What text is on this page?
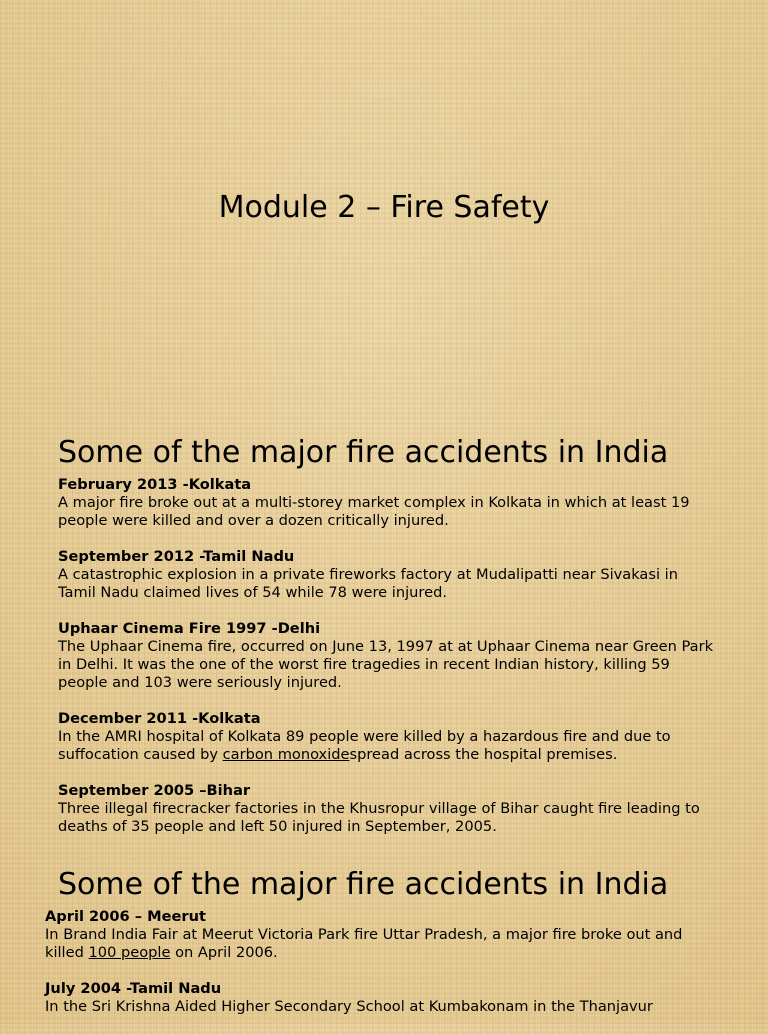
Module 2 – Fire Safety
Some of the major fire accidents in India

February 2013 -Kolkata
A major fire broke out at a multi-storey market complex in Kolkata in which at least 19 people were killed and over a dozen critically injured.

September 2012 -Tamil Nadu
A catastrophic explosion in a private fireworks factory at Mudalipatti near Sivakasi in Tamil Nadu claimed lives of 54 while 78 were injured.

Uphaar Cinema Fire 1997 -Delhi
The Uphaar Cinema fire, occurred on June 13, 1997 at at Uphaar Cinema near Green Park in Delhi. It was the one of the worst fire tragedies in recent Indian history, killing 59 people and 103 were seriously injured.

December 2011 -Kolkata
In the AMRI hospital of Kolkata 89 people were killed by a hazardous fire and due to suffocation caused by carbon monoxidespread across the hospital premises.

September 2005 –Bihar
Three illegal firecracker factories in the Khusropur village of Bihar caught fire leading to deaths of 35 people and left 50 injured in September, 2005.

Some of the major fire accidents in India

April 2006 – Meerut
In Brand India Fair at Meerut Victoria Park fire Uttar Pradesh, a major fire broke out and killed 100 people on April 2006.

July 2004 -Tamil Nadu
In the Sri Krishna Aided Higher Secondary School at Kumbakonam in the Thanjavur
